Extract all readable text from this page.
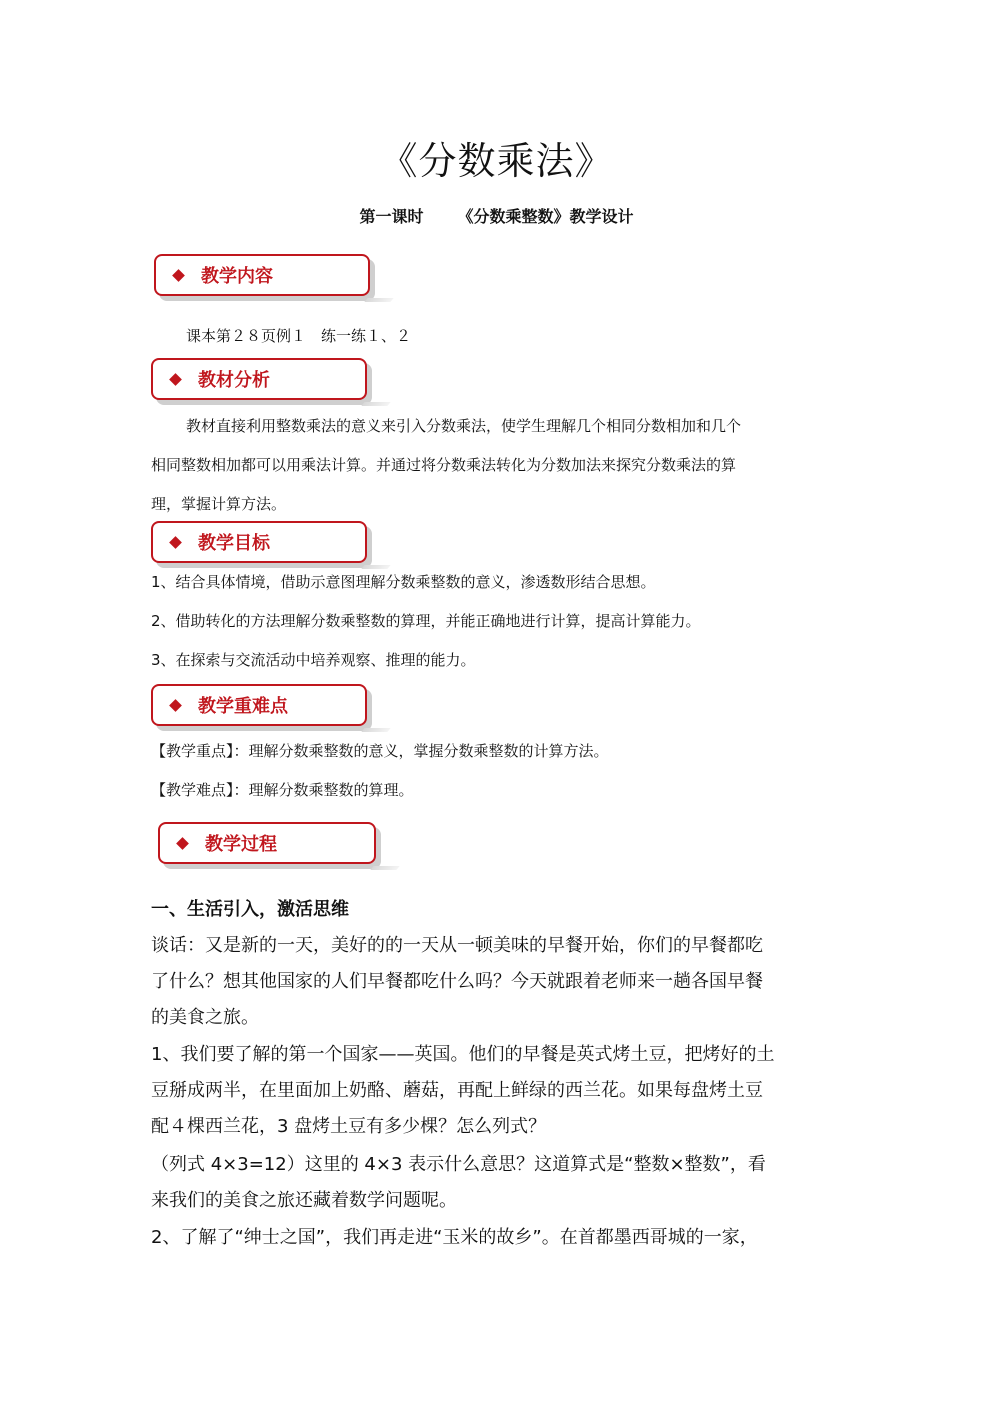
《分数乘法》
第一课时 《分数乘整数》教学设计
教学内容
课本第２８页例１　练一练１、２
教材分析
教材直接利用整数乘法的意义来引入分数乘法，使学生理解几个相同分数相加和几个
相同整数相加都可以用乘法计算。并通过将分数乘法转化为分数加法来探究分数乘法的算
理，掌握计算方法。
教学目标
1、结合具体情境，借助示意图理解分数乘整数的意义，渗透数形结合思想。
2、借助转化的方法理解分数乘整数的算理，并能正确地进行计算，提高计算能力。
3、在探索与交流活动中培养观察、推理的能力。
教学重难点
【教学重点】：理解分数乘整数的意义，掌握分数乘整数的计算方法。
【教学难点】：理解分数乘整数的算理。
教学过程
一、生活引入，激活思维
谈话：又是新的一天，美好的的一天从一顿美味的早餐开始，你们的早餐都吃
了什么？想其他国家的人们早餐都吃什么吗？今天就跟着老师来一趟各国早餐
的美食之旅。
1、我们要了解的第一个国家——英国。他们的早餐是英式烤土豆，把烤好的土
豆掰成两半，在里面加上奶酪、蘑菇，再配上鲜绿的西兰花。如果每盘烤土豆
配４棵西兰花，3 盘烤土豆有多少棵？怎么列式？
（列式 4×3=12）这里的 4×3 表示什么意思？这道算式是“整数×整数”，看
来我们的美食之旅还藏着数学问题呢。
2、了解了“绅士之国”，我们再走进“玉米的故乡”。在首都墨西哥城的一家，
